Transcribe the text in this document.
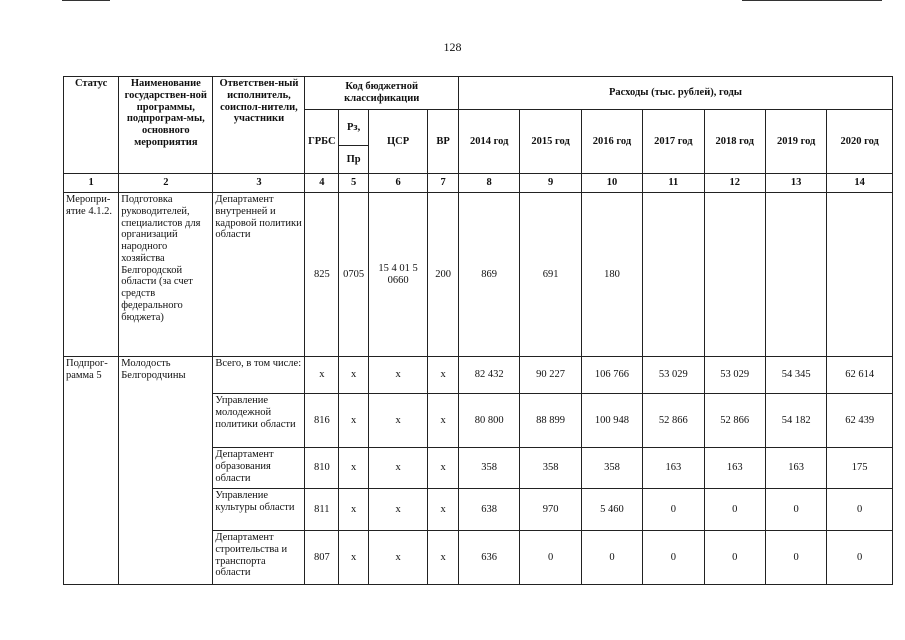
128
Статус	Наименование государствен-ной программы, подпрограм-мы, основного мероприятия	Ответствен-ный исполнитель, соиспол-нители, участники	Код бюджетной классификации				Расходы (тыс. рублей), годы						
			ГРБС	Рз,	ЦСР	ВР	2014 год	2015 год	2016 год	2017 год	2018 год	2019 год	2020 год
				Пр									
1	2	3	4	5	6	7	8	9	10	11	12	13	14
Меропри-ятие 4.1.2.	Подготовка руководителей, специалистов для организаций народного хозяйства Белгородской области (за счет средств федерального бюджета)	Департамент внутренней и кадровой политики области	825	0705	15 4 01 5 0660	200	869	691	180				
Подпрог-рамма 5	Молодость Белгородчины	Всего, в том числе:	х	х	х	х	82 432	90 227	106 766	53 029	53 029	54 345	62 614
		Управление молодежной политики области	816	х	х	х	80 800	88 899	100 948	52 866	52 866	54 182	62 439
		Департамент образования области	810	х	х	х	358	358	358	163	163	163	175
		Управление культуры области	811	х	х	х	638	970	5 460	0	0	0	0
		Департамент строительства и транспорта области	807	х	х	х	636	0	0	0	0	0	0
